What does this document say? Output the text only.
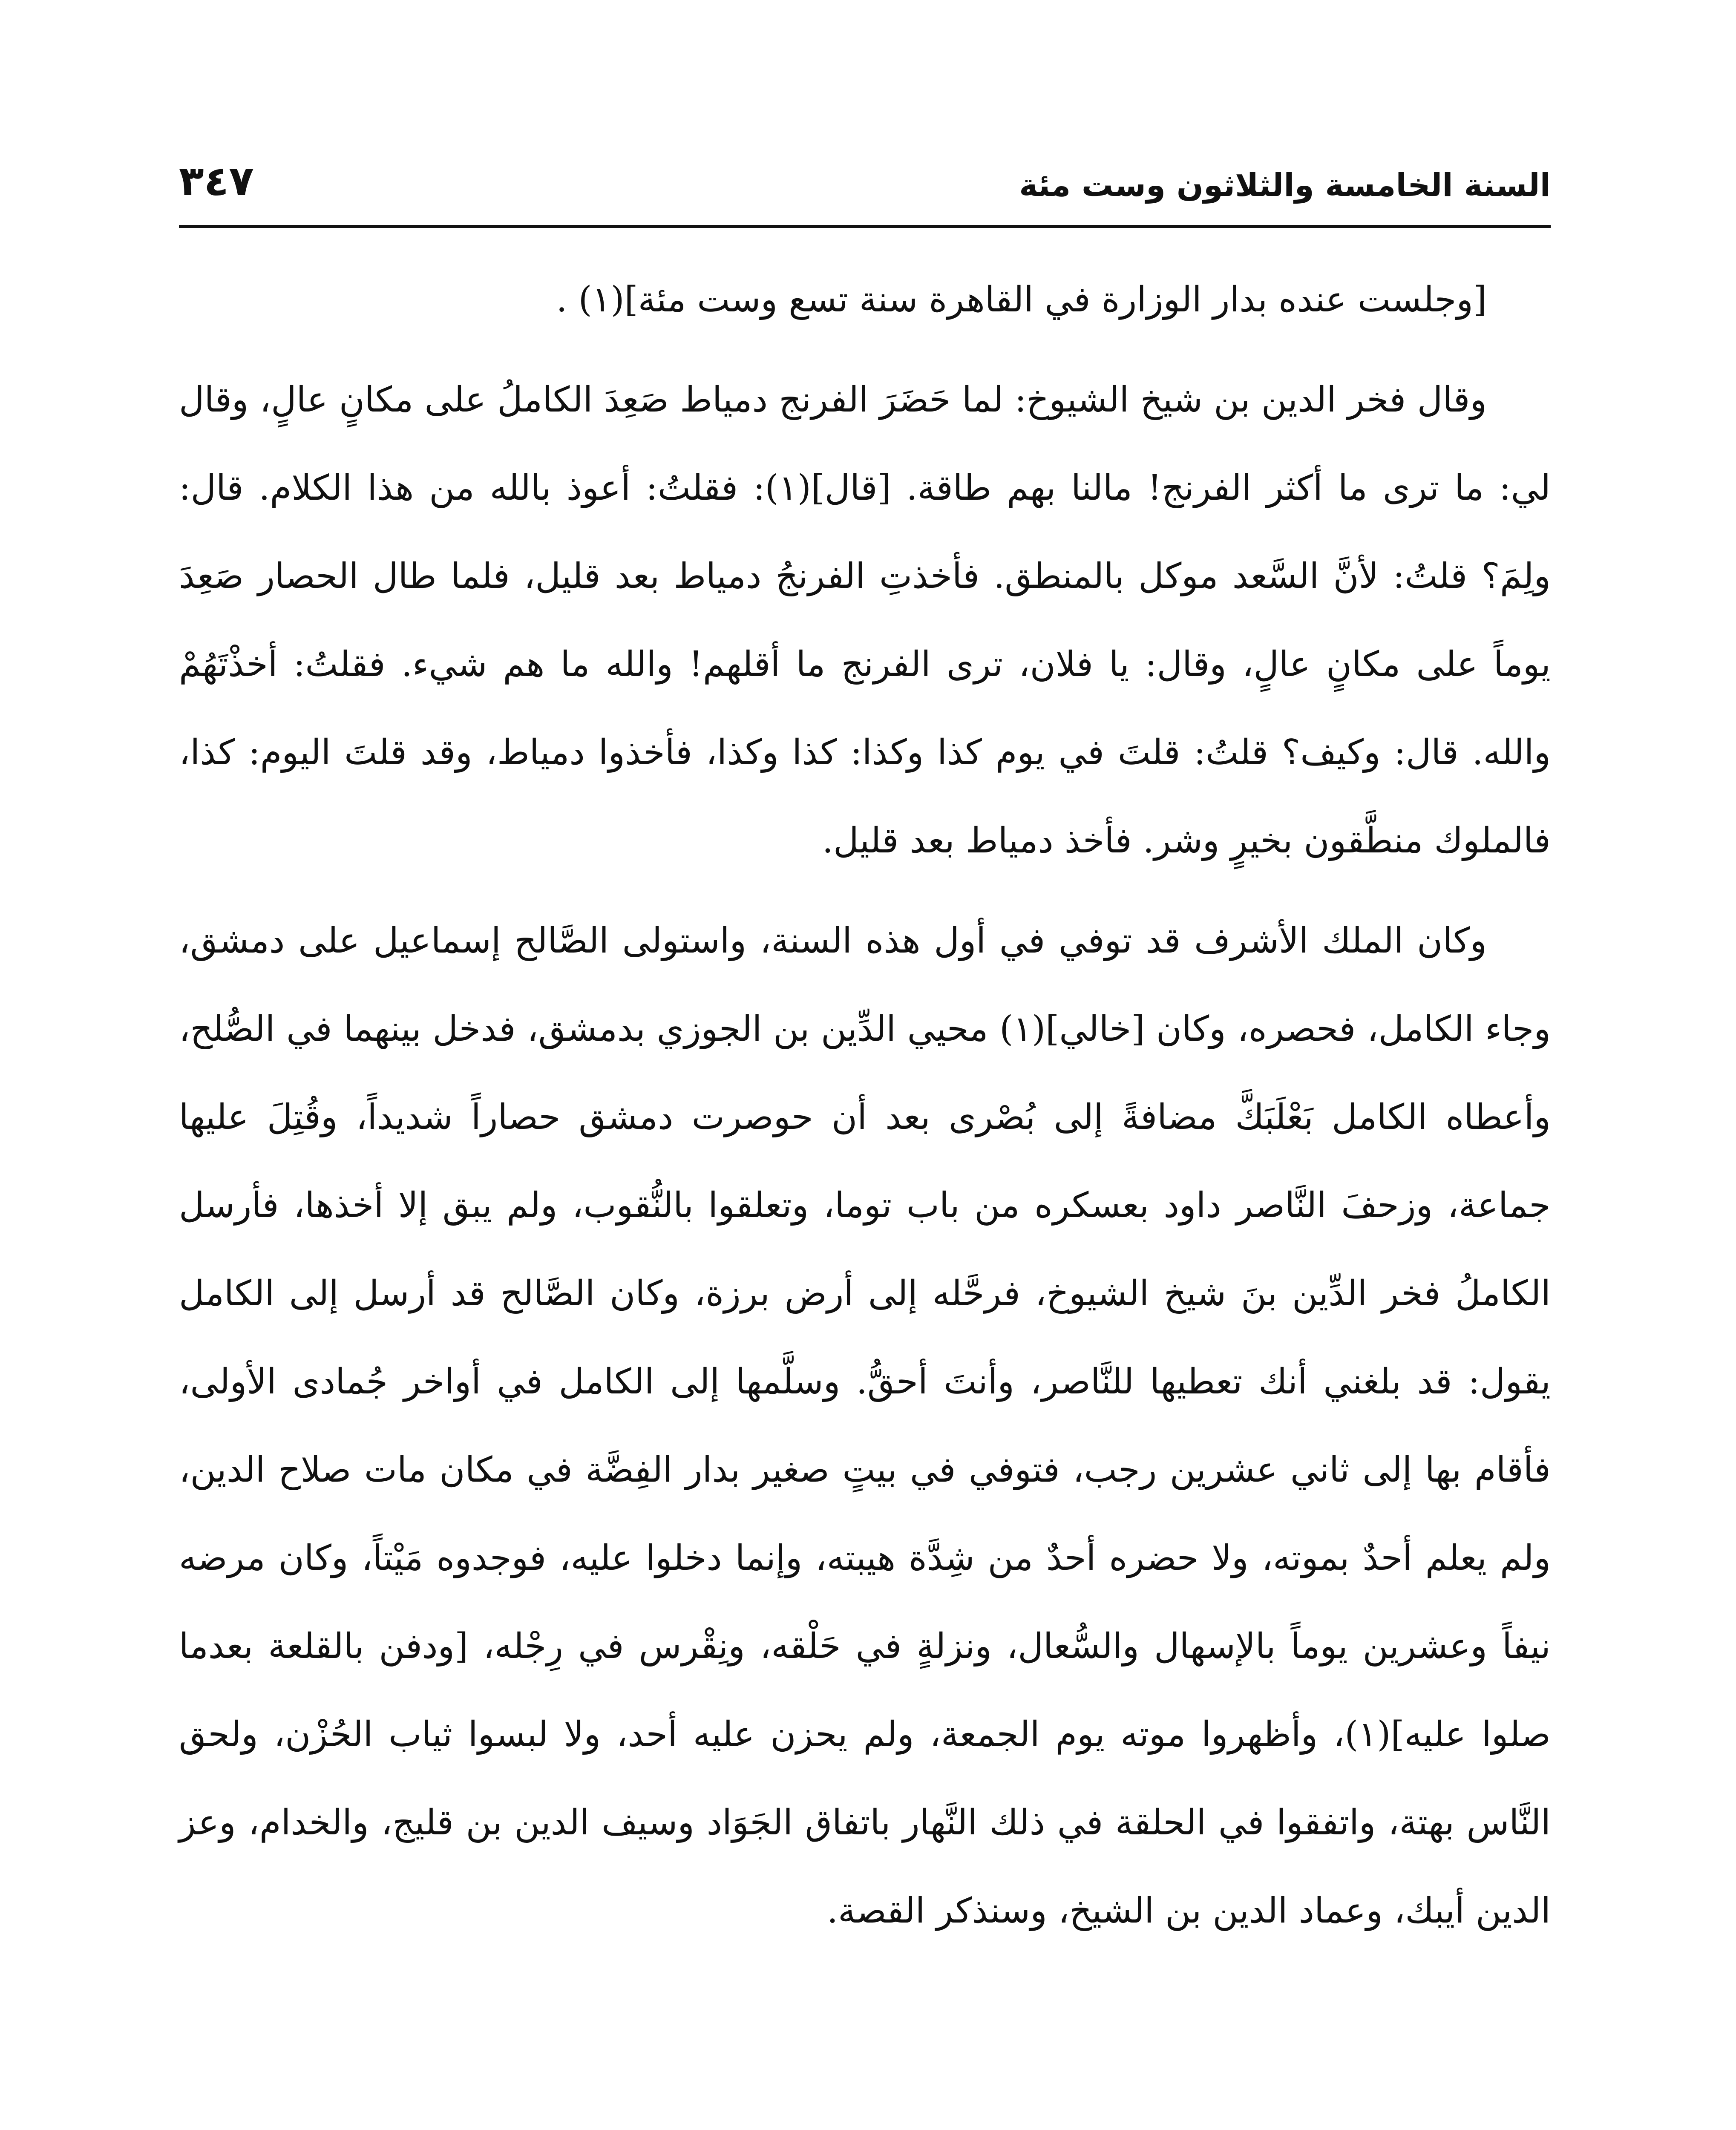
السنة الخامسة والثلاثون وست مئة
٣٤٧

[وجلست عنده بدار الوزارة في القاهرة سنة تسع وست مئة](١) .

وقال فخر الدين بن شيخ الشيوخ: لما حَضَرَ الفرنج دمياط صَعِدَ الكاملُ على مكانٍ عالٍ، وقال لي: ما ترى ما أكثر الفرنج! مالنا بهم طاقة. [قال](١): فقلتُ: أعوذ بالله من هذا الكلام. قال: ولِمَ؟ قلتُ: لأنَّ السَّعد موكل بالمنطق. فأخذتِ الفرنجُ دمياط بعد قليل، فلما طال الحصار صَعِدَ يوماً على مكانٍ عالٍ، وقال: يا فلان، ترى الفرنج ما أقلهم! والله ما هم شيء. فقلتُ: أخذْتَهُمْ والله. قال: وكيف؟ قلتُ: قلتَ في يوم كذا وكذا: كذا وكذا، فأخذوا دمياط، وقد قلتَ اليوم: كذا، فالملوك منطَّقون بخيرٍ وشر. فأخذ دمياط بعد قليل.

وكان الملك الأشرف قد توفي في أول هذه السنة، واستولى الصَّالح إسماعيل على دمشق، وجاء الكامل، فحصره، وكان [خالي](١) محيي الدِّين بن الجوزي بدمشق، فدخل بينهما في الصُّلح، وأعطاه الكامل بَعْلَبَكَّ مضافةً إلى بُصْرى بعد أن حوصرت دمشق حصاراً شديداً، وقُتِلَ عليها جماعة، وزحفَ النَّاصر داود بعسكره من باب توما، وتعلقوا بالنُّقوب، ولم يبق إلا أخذها، فأرسل الكاملُ فخر الدِّين بنَ شيخ الشيوخ، فرحَّله إلى أرض برزة، وكان الصَّالح قد أرسل إلى الكامل يقول: قد بلغني أنك تعطيها للنَّاصر، وأنتَ أحقُّ. وسلَّمها إلى الكامل في أواخر جُمادى الأولى، فأقام بها إلى ثاني عشرين رجب، فتوفي في بيتٍ صغير بدار الفِضَّة في مكان مات صلاح الدين، ولم يعلم أحدٌ بموته، ولا حضره أحدٌ من شِدَّة هيبته، وإنما دخلوا عليه، فوجدوه مَيْتاً، وكان مرضه نيفاً وعشرين يوماً بالإسهال والسُّعال، ونزلةٍ في حَلْقه، ونِقْرس في رِجْله، [ودفن بالقلعة بعدما صلوا عليه](١)، وأظهروا موته يوم الجمعة، ولم يحزن عليه أحد، ولا لبسوا ثياب الحُزْن، ولحق النَّاس بهتة، واتفقوا في الحلقة في ذلك النَّهار باتفاق الجَوَاد وسيف الدين بن قليج، والخدام، وعز الدين أيبك، وعماد الدين بن الشيخ، وسنذكر القصة.
